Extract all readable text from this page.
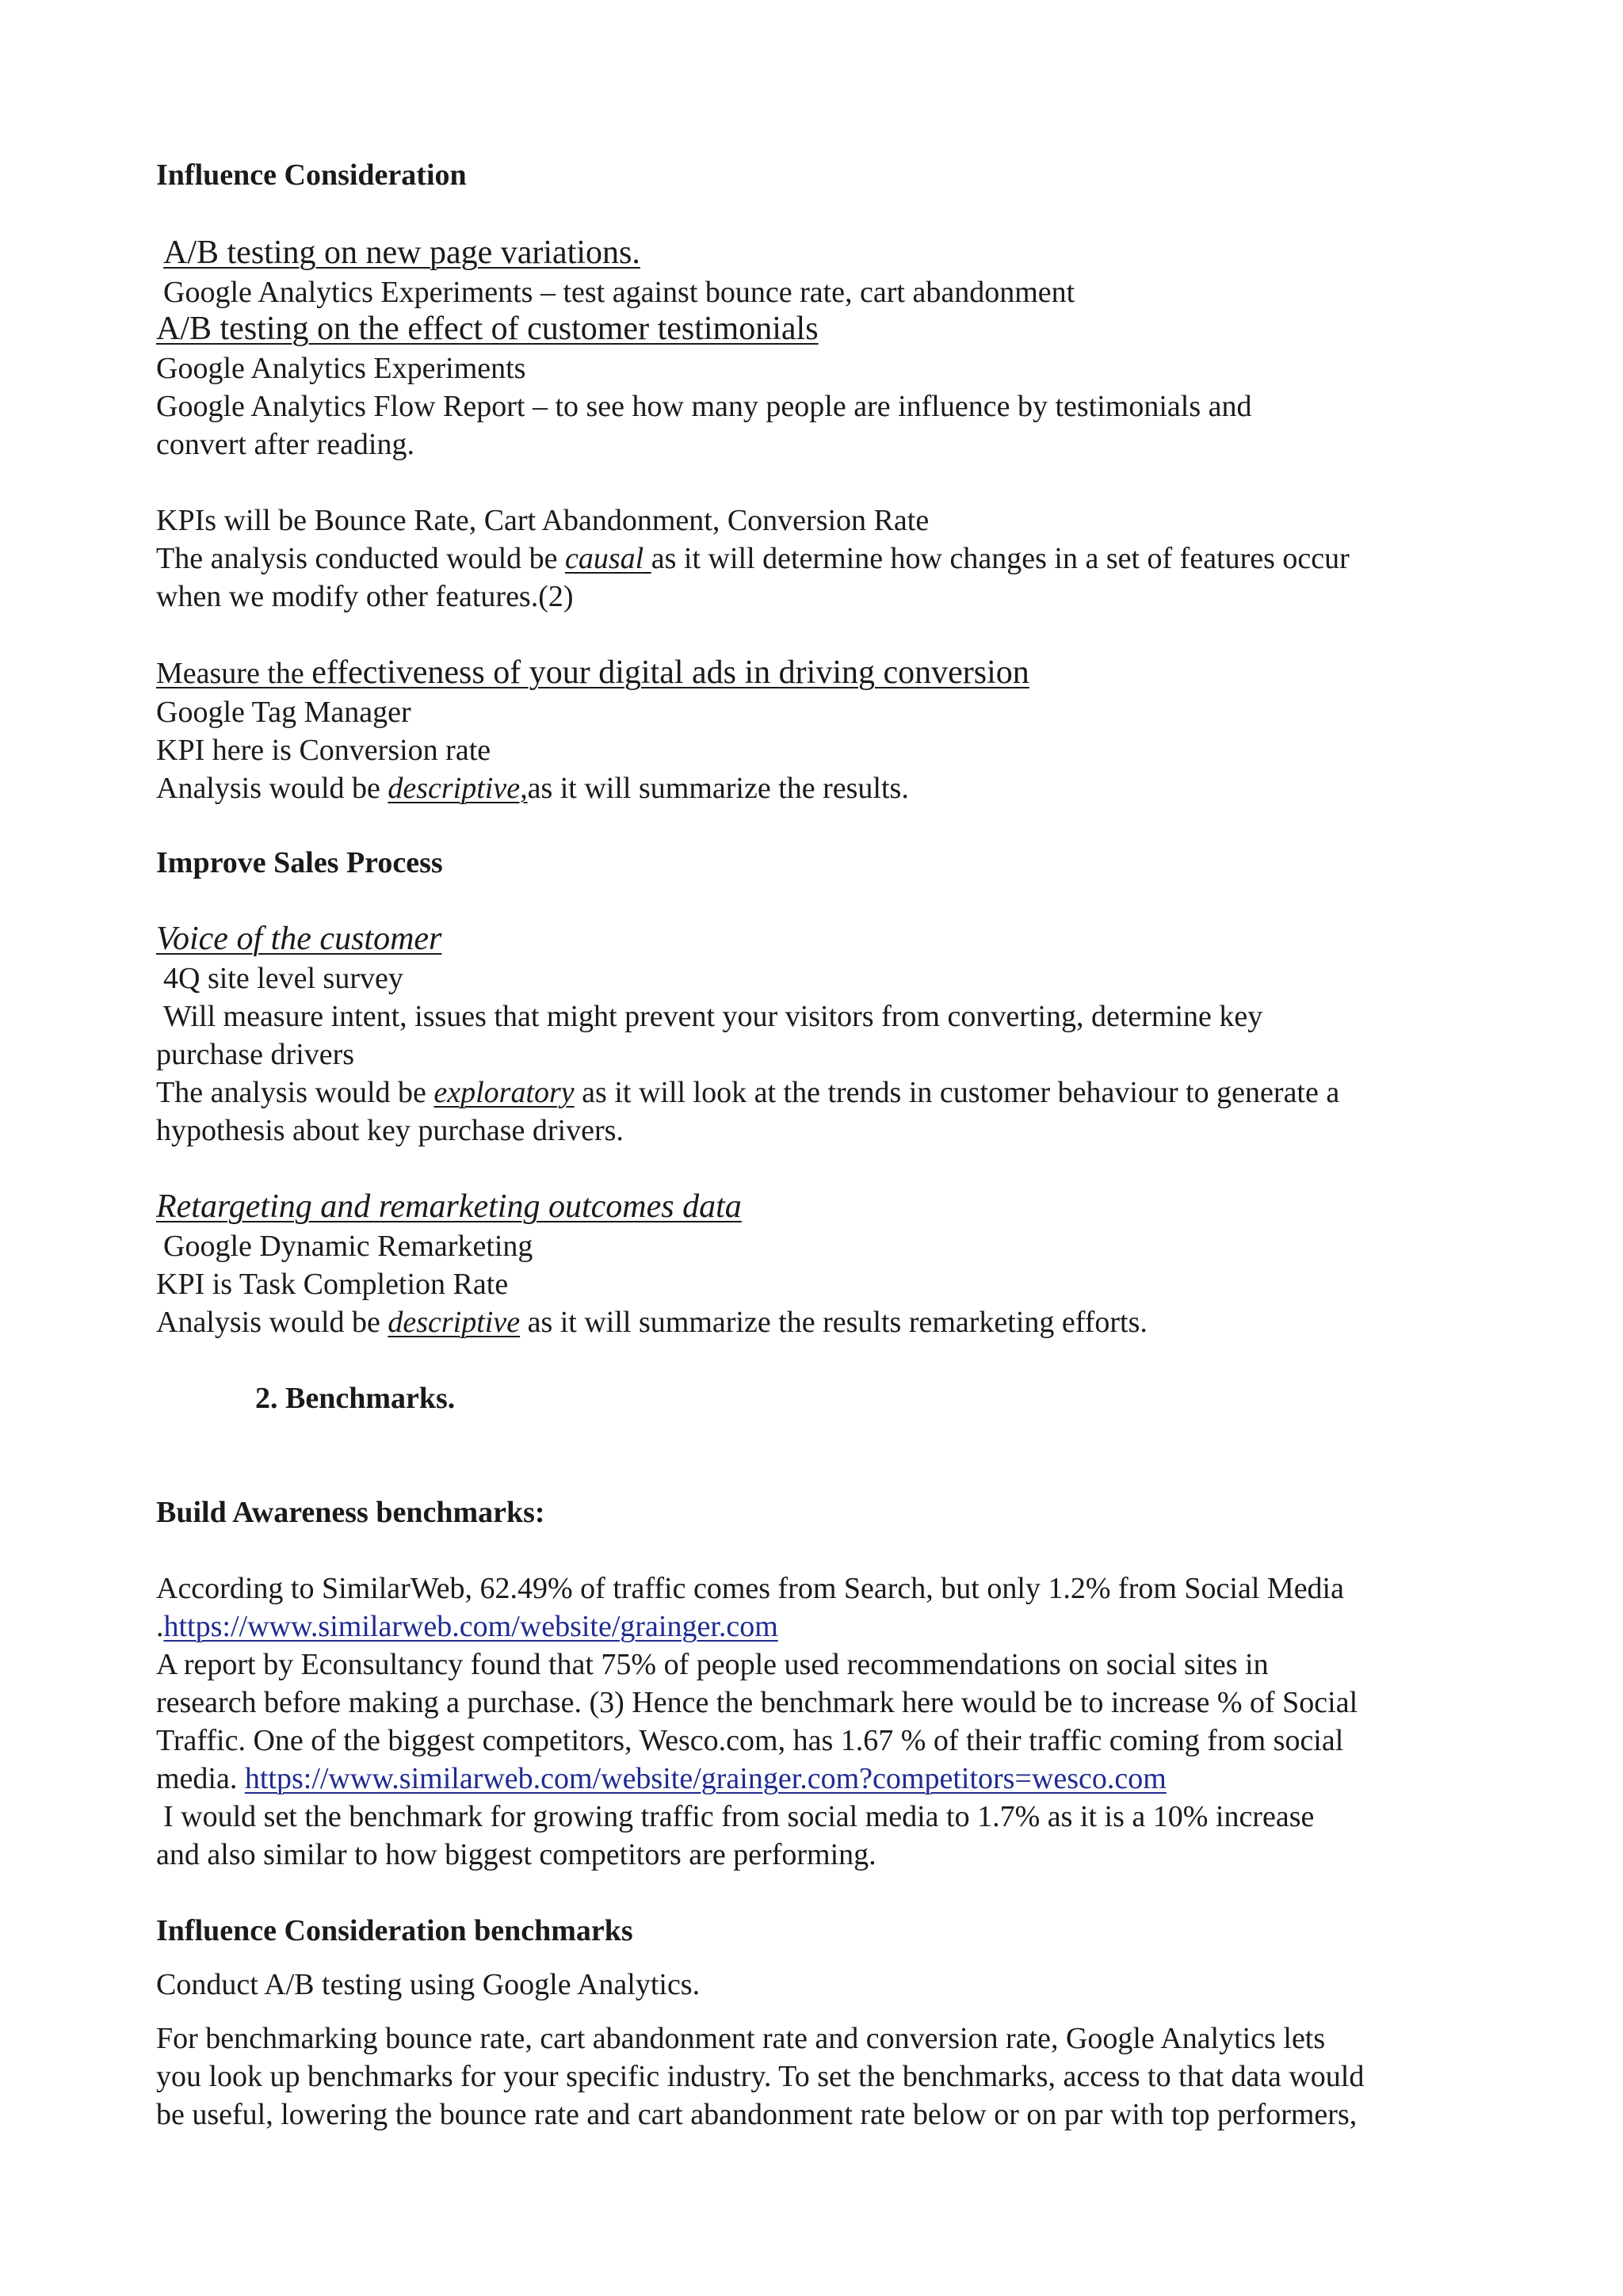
Influence Consideration
A/B testing on new page variations.
Google Analytics Experiments – test against bounce rate, cart abandonment
A/B testing on the effect of customer testimonials
Google Analytics Experiments
Google Analytics Flow Report – to see how many people are influence by testimonials and
convert after reading.
KPIs will be Bounce Rate, Cart Abandonment, Conversion Rate
The analysis conducted would be causal as it will determine how changes in a set of features occur
when we modify other features.(2)
Measure the effectiveness of your digital ads in driving conversion
Google Tag Manager
KPI here is Conversion rate
Analysis would be descriptive,as it will summarize the results.
Improve Sales Process
Voice of the customer
4Q site level survey
Will measure intent, issues that might prevent your visitors from converting, determine key
purchase drivers
The analysis would be exploratory as it will look at the trends in customer behaviour to generate a
hypothesis about key purchase drivers.
Retargeting and remarketing outcomes data
Google Dynamic Remarketing
KPI is Task Completion Rate
Analysis would be descriptive as it will summarize the results remarketing efforts.
2. Benchmarks.
Build Awareness benchmarks:
According to SimilarWeb, 62.49% of traffic comes from Search, but only 1.2% from Social Media
.https://www.similarweb.com/website/grainger.com
A report by Econsultancy found that 75% of people used recommendations on social sites in
research before making a purchase. (3) Hence the benchmark here would be to increase % of Social
Traffic. One of the biggest competitors, Wesco.com, has 1.67 % of their traffic coming from social
media. https://www.similarweb.com/website/grainger.com?competitors=wesco.com
I would set the benchmark for growing traffic from social media to 1.7% as it is a 10% increase
and also similar to how biggest competitors are performing.
Influence Consideration benchmarks
Conduct A/B testing using Google Analytics.
For benchmarking bounce rate, cart abandonment rate and conversion rate, Google Analytics lets
you look up benchmarks for your specific industry. To set the benchmarks, access to that data would
be useful, lowering the bounce rate and cart abandonment rate below or on par with top performers,
